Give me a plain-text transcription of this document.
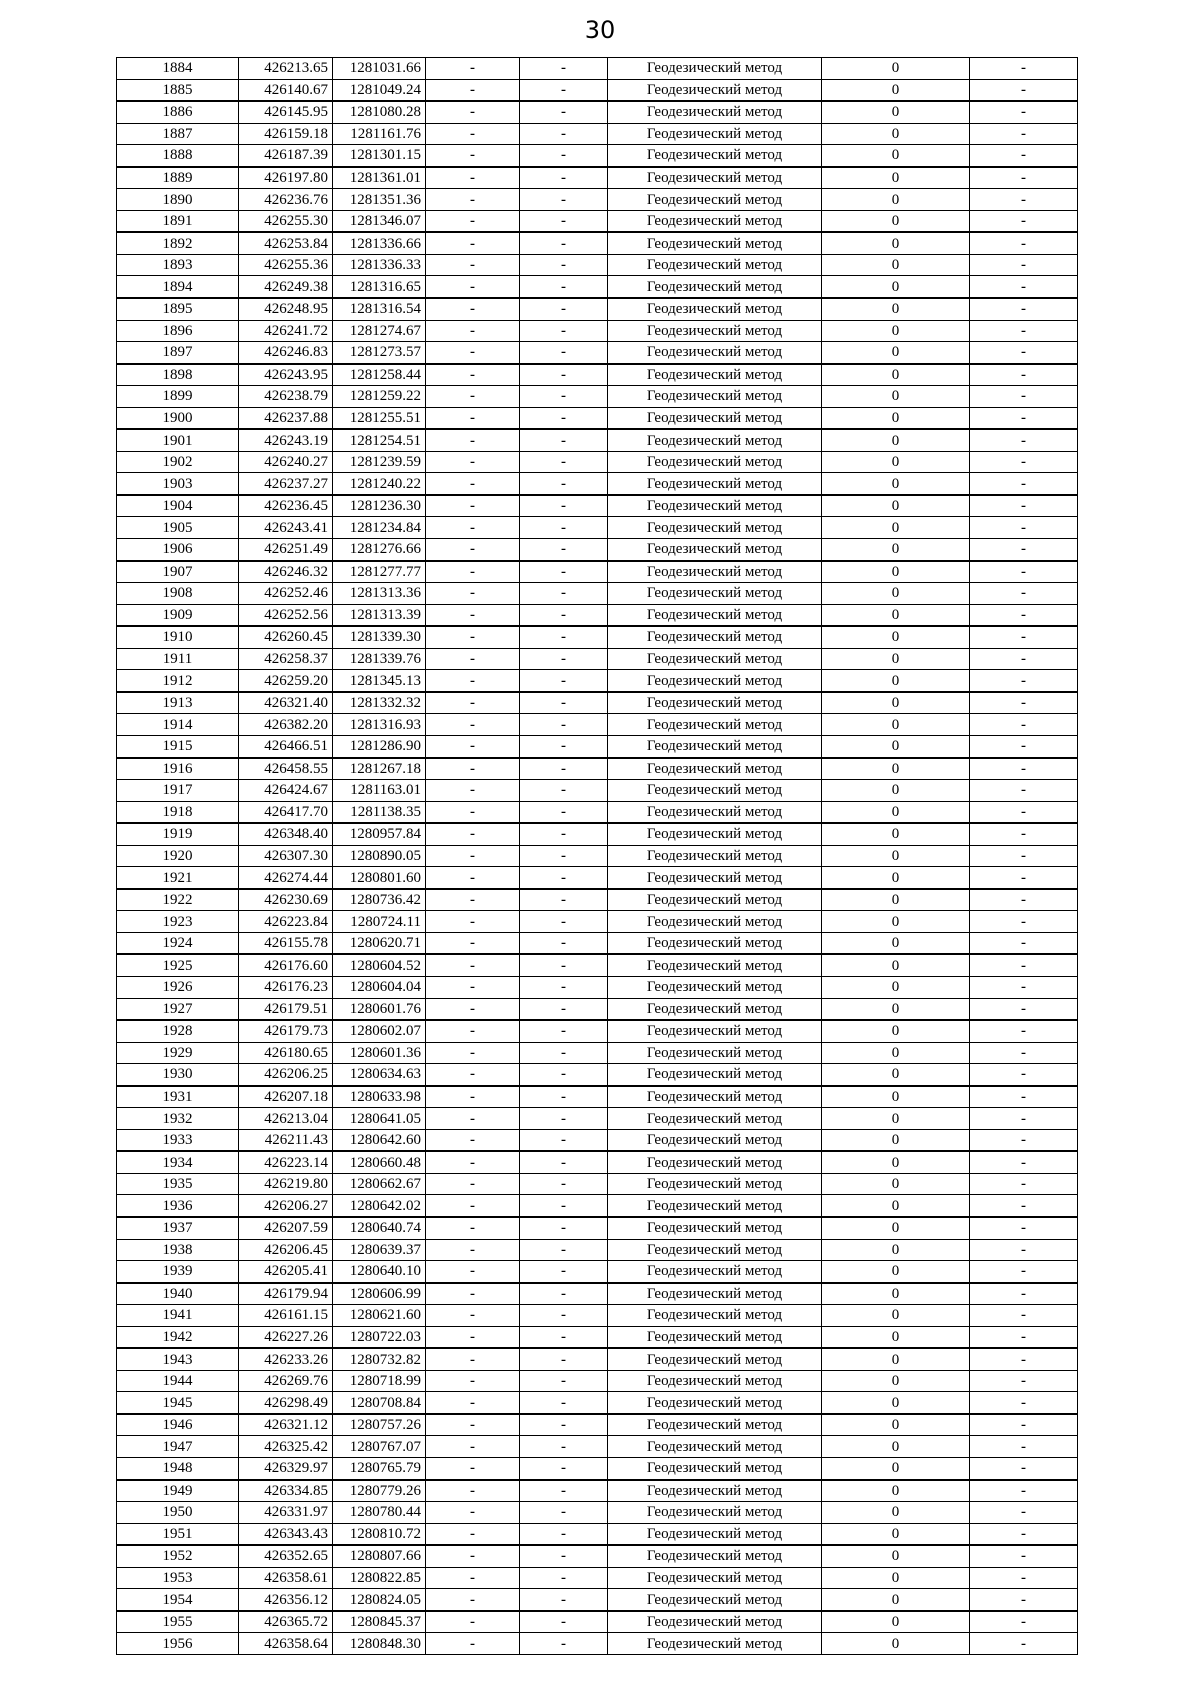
30
1884	426213.65	1281031.66	-	-	Геодезический метод	0	-
1885	426140.67	1281049.24	-	-	Геодезический метод	0	-
1886	426145.95	1281080.28	-	-	Геодезический метод	0	-
1887	426159.18	1281161.76	-	-	Геодезический метод	0	-
1888	426187.39	1281301.15	-	-	Геодезический метод	0	-
1889	426197.80	1281361.01	-	-	Геодезический метод	0	-
1890	426236.76	1281351.36	-	-	Геодезический метод	0	-
1891	426255.30	1281346.07	-	-	Геодезический метод	0	-
1892	426253.84	1281336.66	-	-	Геодезический метод	0	-
1893	426255.36	1281336.33	-	-	Геодезический метод	0	-
1894	426249.38	1281316.65	-	-	Геодезический метод	0	-
1895	426248.95	1281316.54	-	-	Геодезический метод	0	-
1896	426241.72	1281274.67	-	-	Геодезический метод	0	-
1897	426246.83	1281273.57	-	-	Геодезический метод	0	-
1898	426243.95	1281258.44	-	-	Геодезический метод	0	-
1899	426238.79	1281259.22	-	-	Геодезический метод	0	-
1900	426237.88	1281255.51	-	-	Геодезический метод	0	-
1901	426243.19	1281254.51	-	-	Геодезический метод	0	-
1902	426240.27	1281239.59	-	-	Геодезический метод	0	-
1903	426237.27	1281240.22	-	-	Геодезический метод	0	-
1904	426236.45	1281236.30	-	-	Геодезический метод	0	-
1905	426243.41	1281234.84	-	-	Геодезический метод	0	-
1906	426251.49	1281276.66	-	-	Геодезический метод	0	-
1907	426246.32	1281277.77	-	-	Геодезический метод	0	-
1908	426252.46	1281313.36	-	-	Геодезический метод	0	-
1909	426252.56	1281313.39	-	-	Геодезический метод	0	-
1910	426260.45	1281339.30	-	-	Геодезический метод	0	-
1911	426258.37	1281339.76	-	-	Геодезический метод	0	-
1912	426259.20	1281345.13	-	-	Геодезический метод	0	-
1913	426321.40	1281332.32	-	-	Геодезический метод	0	-
1914	426382.20	1281316.93	-	-	Геодезический метод	0	-
1915	426466.51	1281286.90	-	-	Геодезический метод	0	-
1916	426458.55	1281267.18	-	-	Геодезический метод	0	-
1917	426424.67	1281163.01	-	-	Геодезический метод	0	-
1918	426417.70	1281138.35	-	-	Геодезический метод	0	-
1919	426348.40	1280957.84	-	-	Геодезический метод	0	-
1920	426307.30	1280890.05	-	-	Геодезический метод	0	-
1921	426274.44	1280801.60	-	-	Геодезический метод	0	-
1922	426230.69	1280736.42	-	-	Геодезический метод	0	-
1923	426223.84	1280724.11	-	-	Геодезический метод	0	-
1924	426155.78	1280620.71	-	-	Геодезический метод	0	-
1925	426176.60	1280604.52	-	-	Геодезический метод	0	-
1926	426176.23	1280604.04	-	-	Геодезический метод	0	-
1927	426179.51	1280601.76	-	-	Геодезический метод	0	-
1928	426179.73	1280602.07	-	-	Геодезический метод	0	-
1929	426180.65	1280601.36	-	-	Геодезический метод	0	-
1930	426206.25	1280634.63	-	-	Геодезический метод	0	-
1931	426207.18	1280633.98	-	-	Геодезический метод	0	-
1932	426213.04	1280641.05	-	-	Геодезический метод	0	-
1933	426211.43	1280642.60	-	-	Геодезический метод	0	-
1934	426223.14	1280660.48	-	-	Геодезический метод	0	-
1935	426219.80	1280662.67	-	-	Геодезический метод	0	-
1936	426206.27	1280642.02	-	-	Геодезический метод	0	-
1937	426207.59	1280640.74	-	-	Геодезический метод	0	-
1938	426206.45	1280639.37	-	-	Геодезический метод	0	-
1939	426205.41	1280640.10	-	-	Геодезический метод	0	-
1940	426179.94	1280606.99	-	-	Геодезический метод	0	-
1941	426161.15	1280621.60	-	-	Геодезический метод	0	-
1942	426227.26	1280722.03	-	-	Геодезический метод	0	-
1943	426233.26	1280732.82	-	-	Геодезический метод	0	-
1944	426269.76	1280718.99	-	-	Геодезический метод	0	-
1945	426298.49	1280708.84	-	-	Геодезический метод	0	-
1946	426321.12	1280757.26	-	-	Геодезический метод	0	-
1947	426325.42	1280767.07	-	-	Геодезический метод	0	-
1948	426329.97	1280765.79	-	-	Геодезический метод	0	-
1949	426334.85	1280779.26	-	-	Геодезический метод	0	-
1950	426331.97	1280780.44	-	-	Геодезический метод	0	-
1951	426343.43	1280810.72	-	-	Геодезический метод	0	-
1952	426352.65	1280807.66	-	-	Геодезический метод	0	-
1953	426358.61	1280822.85	-	-	Геодезический метод	0	-
1954	426356.12	1280824.05	-	-	Геодезический метод	0	-
1955	426365.72	1280845.37	-	-	Геодезический метод	0	-
1956	426358.64	1280848.30	-	-	Геодезический метод	0	-
